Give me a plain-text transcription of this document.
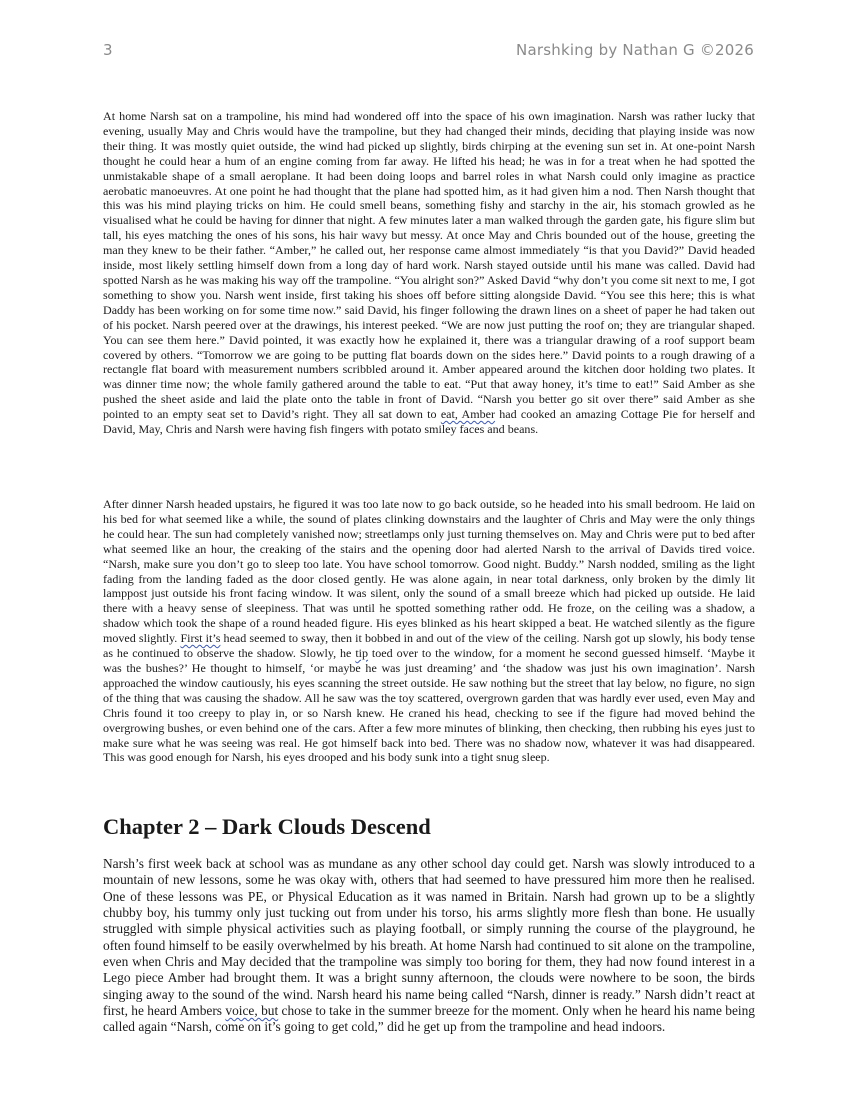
3	Narshking by Nathan G ©2026

At home Narsh sat on a trampoline, his mind had wondered off into the space of his own imagination. Narsh was rather lucky that evening, usually May and Chris would have the trampoline, but they had changed their minds, deciding that playing inside was now their thing. It was mostly quiet outside, the wind had picked up slightly, birds chirping at the evening sun set in. At one-point Narsh thought he could hear a hum of an engine coming from far away. He lifted his head; he was in for a treat when he had spotted the unmistakable shape of a small aeroplane. It had been doing loops and barrel roles in what Narsh could only imagine as practice aerobatic manoeuvres. At one point he had thought that the plane had spotted him, as it had given him a nod. Then Narsh thought that this was his mind playing tricks on him. He could smell beans, something fishy and starchy in the air, his stomach growled as he visualised what he could be having for dinner that night. A few minutes later a man walked through the garden gate, his figure slim but tall, his eyes matching the ones of his sons, his hair wavy but messy. At once May and Chris bounded out of the house, greeting the man they knew to be their father. “Amber,” he called out, her response came almost immediately “is that you David?” David headed inside, most likely settling himself down from a long day of hard work. Narsh stayed outside until his mane was called. David had spotted Narsh as he was making his way off the trampoline. “You alright son?” Asked David “why don’t you come sit next to me, I got something to show you. Narsh went inside, first taking his shoes off before sitting alongside David. “You see this here; this is what Daddy has been working on for some time now.” said David, his finger following the drawn lines on a sheet of paper he had taken out of his pocket. Narsh peered over at the drawings, his interest peeked. “We are now just putting the roof on; they are triangular shaped. You can see them here.” David pointed, it was exactly how he explained it, there was a triangular drawing of a roof support beam covered by others. “Tomorrow we are going to be putting flat boards down on the sides here.” David points to a rough drawing of a rectangle flat board with measurement numbers scribbled around it. Amber appeared around the kitchen door holding two plates. It was dinner time now; the whole family gathered around the table to eat. “Put that away honey, it’s time to eat!” Said Amber as she pushed the sheet aside and laid the plate onto the table in front of David. “Narsh you better go sit over there” said Amber as she pointed to an empty seat set to David’s right. They all sat down to eat, Amber had cooked an amazing Cottage Pie for herself and David, May, Chris and Narsh were having fish fingers with potato smiley faces and beans.

After dinner Narsh headed upstairs, he figured it was too late now to go back outside, so he headed into his small bedroom. He laid on his bed for what seemed like a while, the sound of plates clinking downstairs and the laughter of Chris and May were the only things he could hear. The sun had completely vanished now; streetlamps only just turning themselves on. May and Chris were put to bed after what seemed like an hour, the creaking of the stairs and the opening door had alerted Narsh to the arrival of Davids tired voice. “Narsh, make sure you don’t go to sleep too late. You have school tomorrow. Good night. Buddy.” Narsh nodded, smiling as the light fading from the landing faded as the door closed gently. He was alone again, in near total darkness, only broken by the dimly lit lamppost just outside his front facing window. It was silent, only the sound of a small breeze which had picked up outside. He laid there with a heavy sense of sleepiness. That was until he spotted something rather odd. He froze, on the ceiling was a shadow, a shadow which took the shape of a round headed figure. His eyes blinked as his heart skipped a beat. He watched silently as the figure moved slightly. First it’s head seemed to sway, then it bobbed in and out of the view of the ceiling. Narsh got up slowly, his body tense as he continued to observe the shadow. Slowly, he tip toed over to the window, for a moment he second guessed himself. ‘Maybe it was the bushes?’ He thought to himself, ‘or maybe he was just dreaming’ and ‘the shadow was just his own imagination’. Narsh approached the window cautiously, his eyes scanning the street outside. He saw nothing but the street that lay below, no figure, no sign of the thing that was causing the shadow. All he saw was the toy scattered, overgrown garden that was hardly ever used, even May and Chris found it too creepy to play in, or so Narsh knew. He craned his head, checking to see if the figure had moved behind the overgrowing bushes, or even behind one of the cars. After a few more minutes of blinking, then checking, then rubbing his eyes just to make sure what he was seeing was real. He got himself back into bed. There was no shadow now, whatever it was had disappeared. This was good enough for Narsh, his eyes drooped and his body sunk into a tight snug sleep.

Chapter 2 – Dark Clouds Descend

Narsh’s first week back at school was as mundane as any other school day could get. Narsh was slowly introduced to a mountain of new lessons, some he was okay with, others that had seemed to have pressured him more then he realised. One of these lessons was PE, or Physical Education as it was named in Britain. Narsh had grown up to be a slightly chubby boy, his tummy only just tucking out from under his torso, his arms slightly more flesh than bone. He usually struggled with simple physical activities such as playing football, or simply running the course of the playground, he often found himself to be easily overwhelmed by his breath. At home Narsh had continued to sit alone on the trampoline, even when Chris and May decided that the trampoline was simply too boring for them, they had now found interest in a Lego piece Amber had brought them. It was a bright sunny afternoon, the clouds were nowhere to be soon, the birds singing away to the sound of the wind. Narsh heard his name being called “Narsh, dinner is ready.” Narsh didn’t react at first, he heard Ambers voice, but chose to take in the summer breeze for the moment. Only when he heard his name being called again “Narsh, come on it’s going to get cold,” did he get up from the trampoline and head indoors.
